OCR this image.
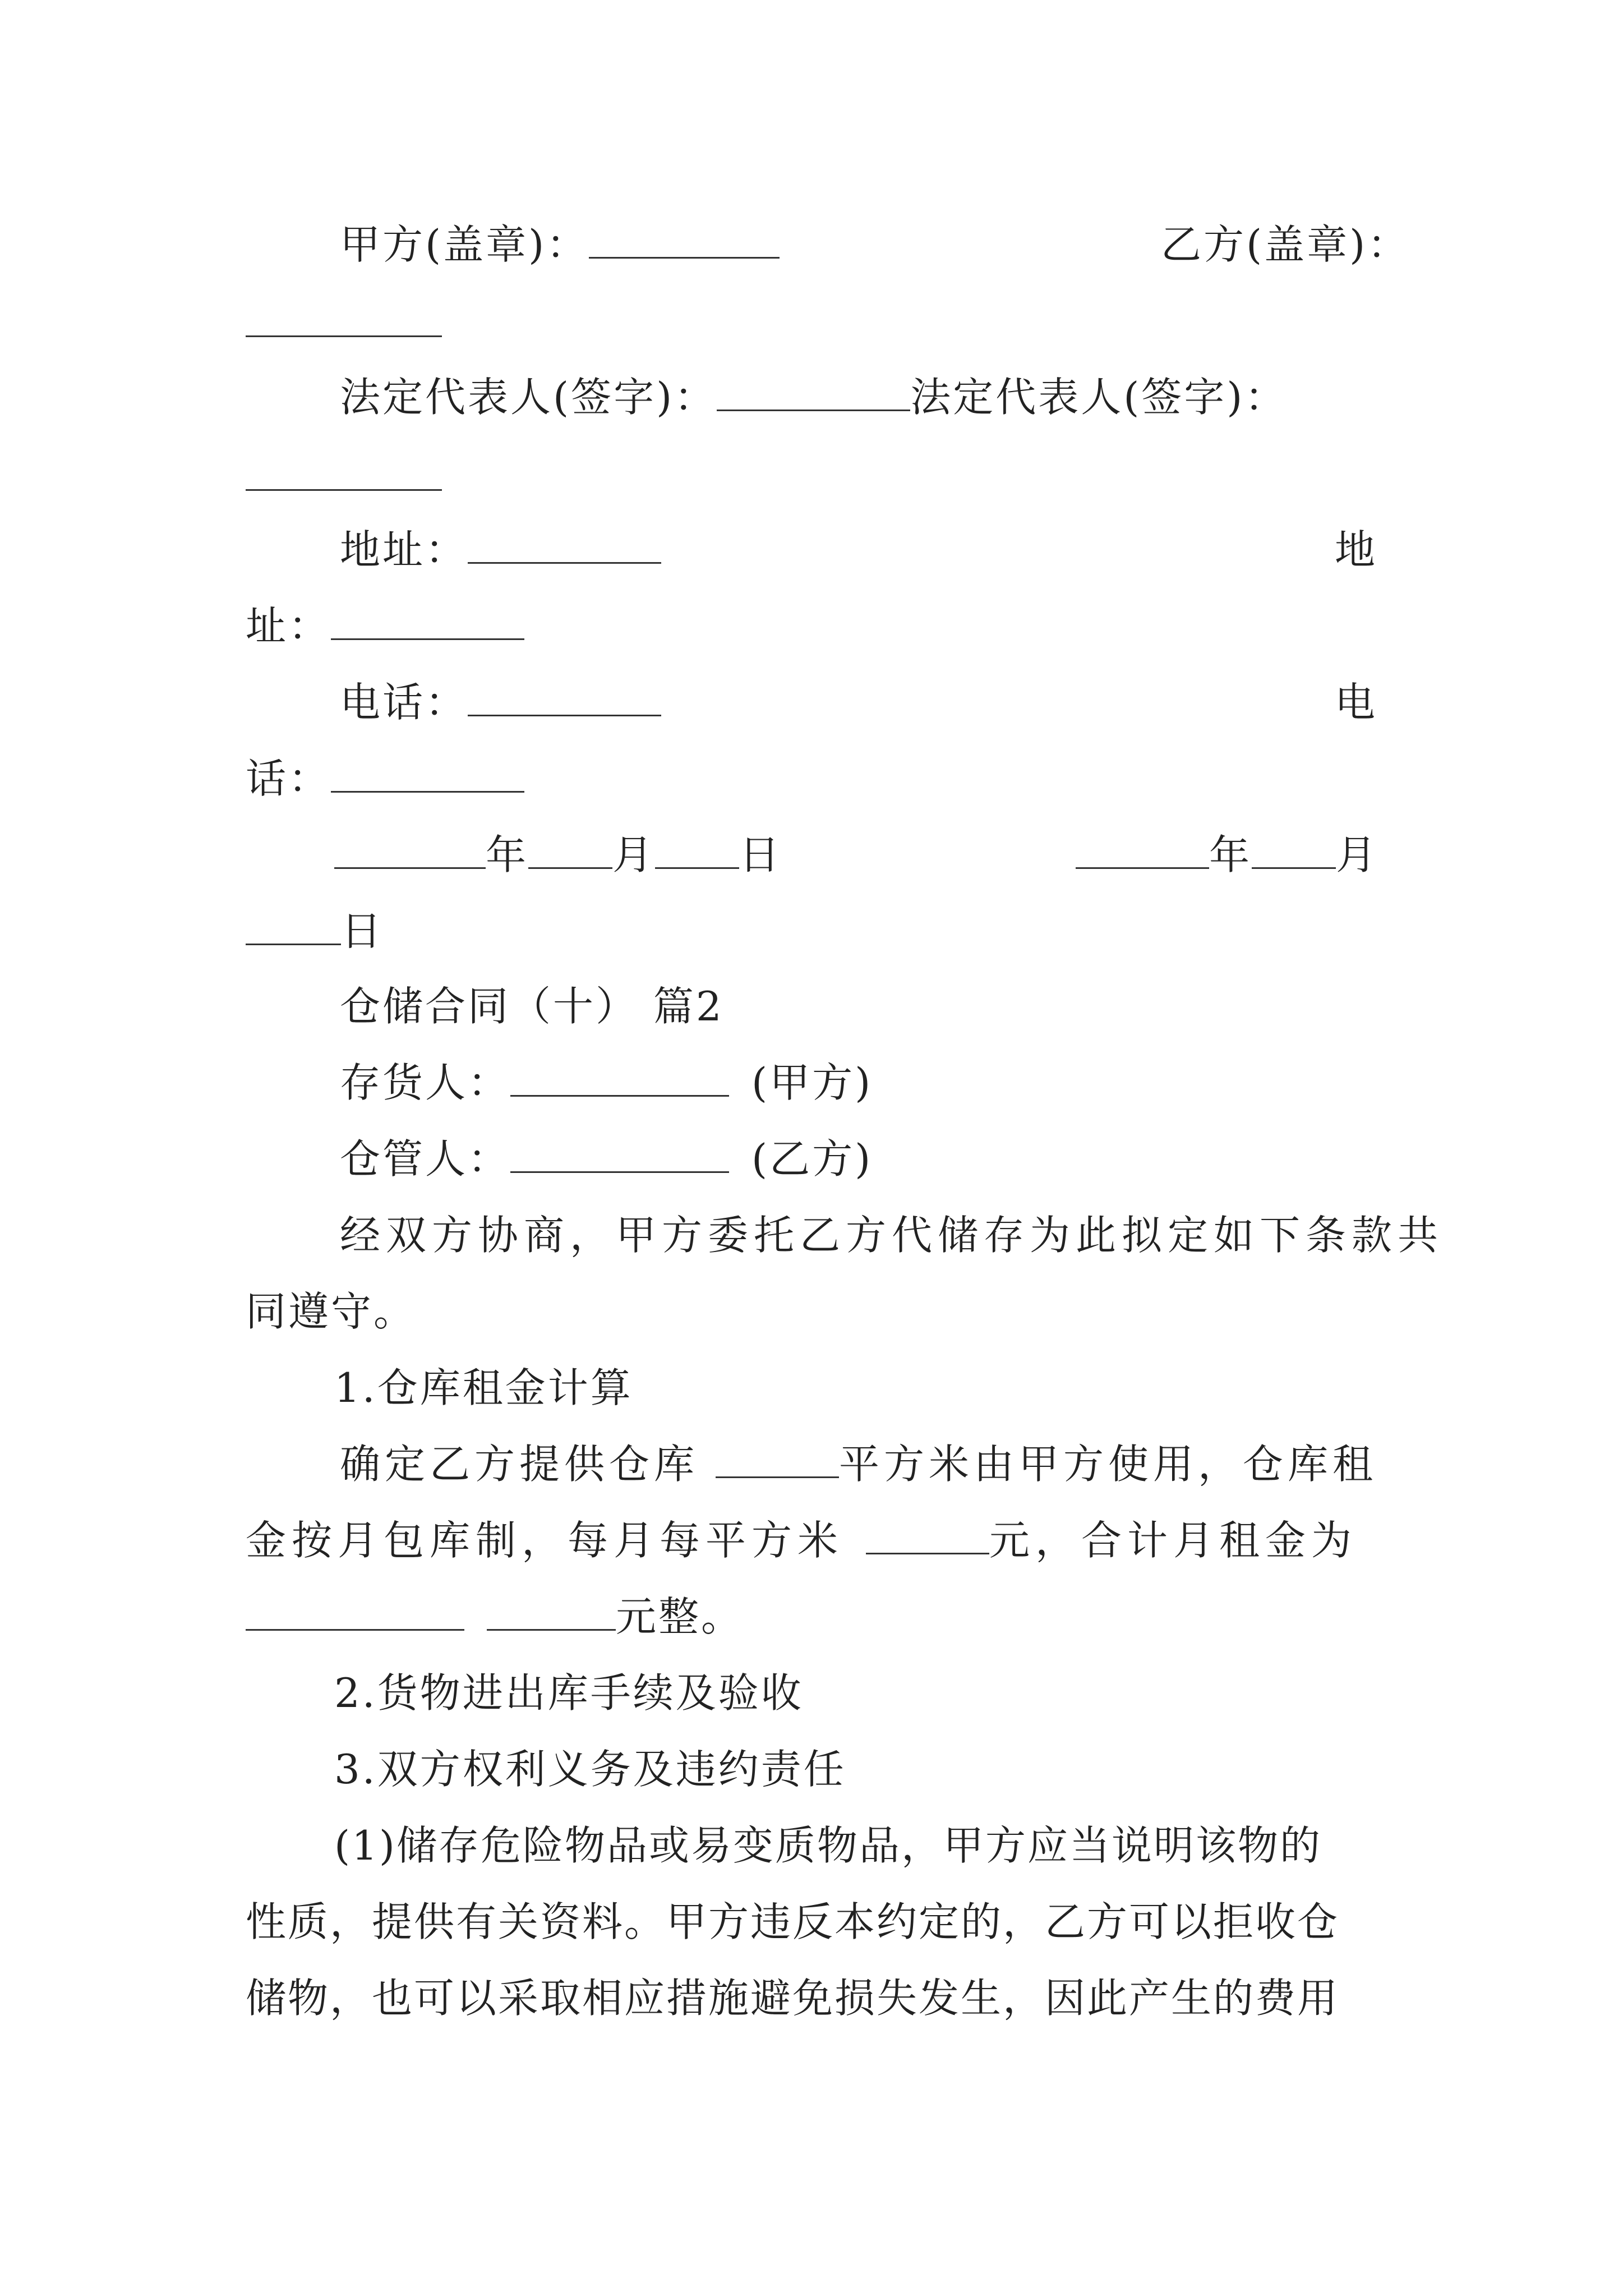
甲方(盖章)：	乙方(盖章)：
法定代表人(签字)：	法定代表人(签字)：
地址：	地
址：
电话：	电
话：
年 月 日	年 月
日
仓储合同（十） 篇2
存货人：	(甲方)
仓管人：	(乙方)
经双方协商，甲方委托乙方代储存为此拟定如下条款共
同遵守。
1.仓库租金计算
确定乙方提供仓库	平方米由甲方使用，仓库租
金按月包库制，每月每平方米	元，合计月租金为
元整。
2.货物进出库手续及验收
3.双方权利义务及违约责任
(1)储存危险物品或易变质物品，甲方应当说明该物的
性质，提供有关资料。甲方违反本约定的，乙方可以拒收仓
储物，也可以采取相应措施避免损失发生，因此产生的费用
